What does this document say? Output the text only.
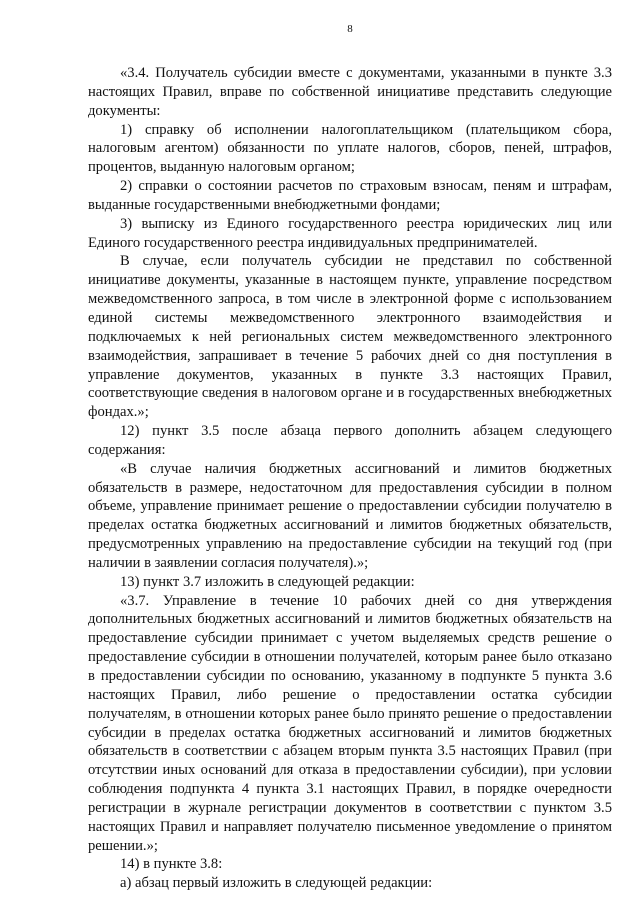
8

«3.4. Получатель субсидии вместе с документами, указанными в пункте 3.3 настоящих Правил, вправе по собственной инициативе представить следующие документы:

1) справку об исполнении налогоплательщиком (плательщиком сбора, налоговым агентом) обязанности по уплате налогов, сборов, пеней, штрафов, процентов, выданную налоговым органом;

2) справки о состоянии расчетов по страховым взносам, пеням и штрафам, выданные государственными внебюджетными фондами;

3) выписку из Единого государственного реестра юридических лиц или Единого государственного реестра индивидуальных предпринимателей.

В случае, если получатель субсидии не представил по собственной инициативе документы, указанные в настоящем пункте, управление посредством межведомственного запроса, в том числе в электронной форме с использованием единой системы межведомственного электронного взаимодействия и подключаемых к ней региональных систем межведомственного электронного взаимодействия, запрашивает в течение 5 рабочих дней со дня поступления в управление документов, указанных в пункте 3.3 настоящих Правил, соответствующие сведения в налоговом органе и в государственных внебюджетных фондах.»;

12) пункт 3.5 после абзаца первого дополнить абзацем следующего содержания:

«В случае наличия бюджетных ассигнований и лимитов бюджетных обязательств в размере, недостаточном для предоставления субсидии в полном объеме, управление принимает решение о предоставлении субсидии получателю в пределах остатка бюджетных ассигнований и лимитов бюджетных обязательств, предусмотренных управлению на предоставление субсидии на текущий год (при наличии в заявлении согласия получателя).»;

13) пункт 3.7 изложить в следующей редакции:

«3.7. Управление в течение 10 рабочих дней со дня утверждения дополнительных бюджетных ассигнований и лимитов бюджетных обязательств на предоставление субсидии принимает с учетом выделяемых средств решение о предоставление субсидии в отношении получателей, которым ранее было отказано в предоставлении субсидии по основанию, указанному в подпункте 5 пункта 3.6 настоящих Правил, либо решение о предоставлении остатка субсидии получателям, в отношении которых ранее было принято решение о предоставлении субсидии в пределах остатка бюджетных ассигнований и лимитов бюджетных обязательств в соответствии с абзацем вторым пункта 3.5 настоящих Правил (при отсутствии иных оснований для отказа в предоставлении субсидии), при условии соблюдения подпункта 4 пункта 3.1 настоящих Правил, в порядке очередности регистрации в журнале регистрации документов в соответствии с пунктом 3.5 настоящих Правил и направляет получателю письменное уведомление о принятом решении.»;

14) в пункте 3.8:

а) абзац первый изложить в следующей редакции:
